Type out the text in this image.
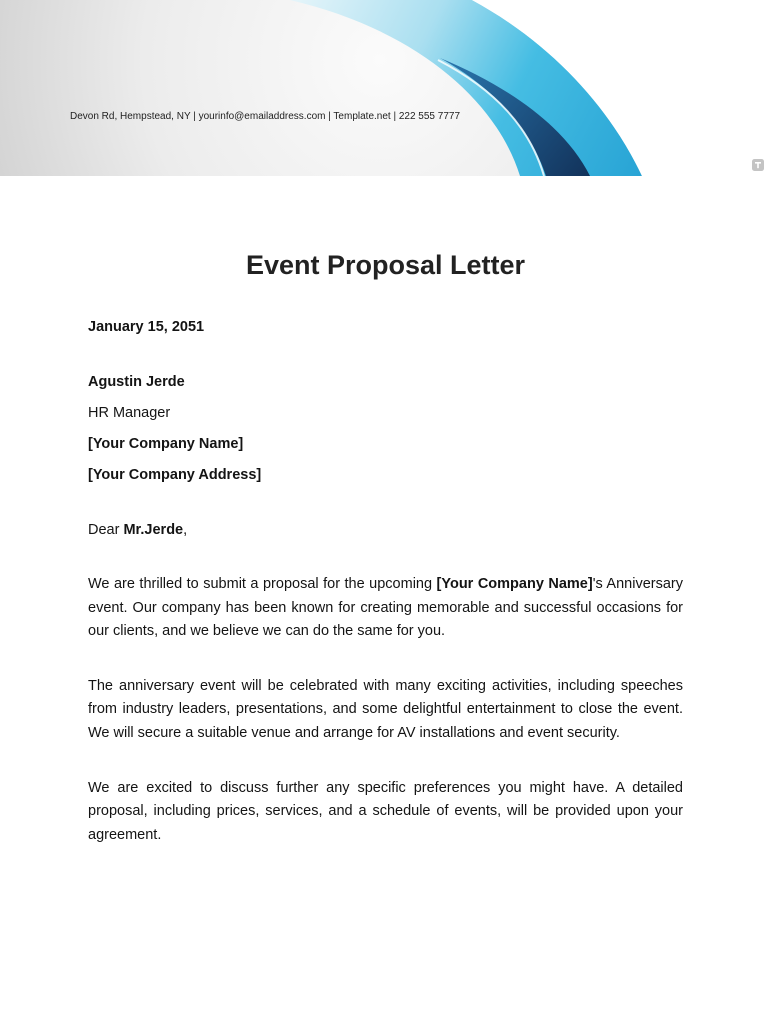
Devon Rd, Hempstead, NY | yourinfo@emailaddress.com | Template.net | 222 555 7777
Event Proposal Letter

January 15, 2051

Agustin Jerde

HR Manager

[Your Company Name]

[Your Company Address]

Dear Mr.Jerde,

We are thrilled to submit a proposal for the upcoming [Your Company Name]'s Anniversary event. Our company has been known for creating memorable and successful occasions for our clients, and we believe we can do the same for you.

The anniversary event will be celebrated with many exciting activities, including speeches from industry leaders, presentations, and some delightful entertainment to close the event. We will secure a suitable venue and arrange for AV installations and event security.

We are excited to discuss further any specific preferences you might have. A detailed proposal, including prices, services, and a schedule of events, will be provided upon your agreement.
